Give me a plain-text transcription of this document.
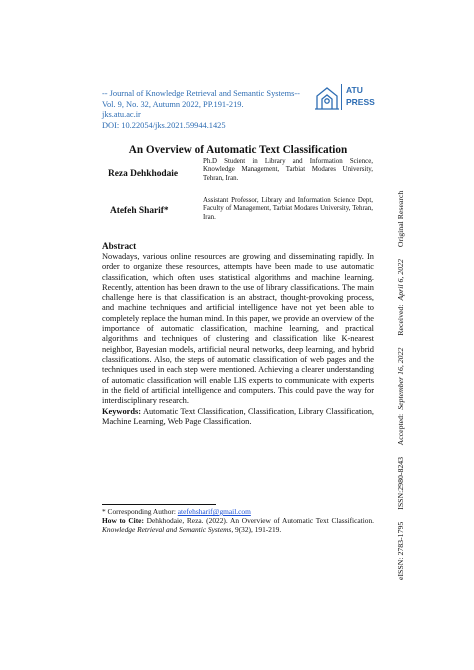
-- Journal of Knowledge Retrieval and Semantic Systems--
Vol. 9, No. 32, Autumn 2022, PP.191-219.
jks.atu.ac.ir
DOI: 10.22054/jks.2021.59944.1425
ATU
PRESS
An Overview of Automatic Text Classification
Reza Dehkhodaie
Ph.D Student in Library and Information Science, Knowledge Management, Tarbiat Modares University, Tehran, Iran.
Atefeh Sharif*
Assistant Professor, Library and Information Science Dept, Faculty of Management, Tarbiat Modares University, Tehran, Iran.
Abstract
Nowadays, various online resources are growing and disseminating rapidly. In order to organize these resources, attempts have been made to use automatic classification, which often uses statistical algorithms and machine learning. Recently, attention has been drawn to the use of library classifications. The main challenge here is that classification is an abstract, thought-provoking process, and machine techniques and artificial intelligence have not yet been able to completely replace the human mind. In this paper, we provide an overview of the importance of automatic classification, machine learning, and practical algorithms and techniques of clustering and classification like K-nearest neighbor, Bayesian models, artificial neural networks, deep learning, and hybrid classifications. Also, the steps of automatic classification of web pages and the techniques used in each step were mentioned. Achieving a clearer understanding of automatic classification will enable LIS experts to communicate with experts in the field of artificial intelligence and computers. This could pave the way for interdisciplinary research.
Keywords: Automatic Text Classification, Classification, Library Classification, Machine Learning, Web Page Classification.
* Corresponding Author: atefehsharif@gmail.com
How to Cite: Dehkhodaie, Reza. (2022). An Overview of Automatic Text Classification. Knowledge Retrieval and Semantic Systems, 9(32), 191-219.	eISSN: 2783-1795 ISSN:2980-8243 Accepted:September 16, 2022 Received:April 6, 2022 Original Research
